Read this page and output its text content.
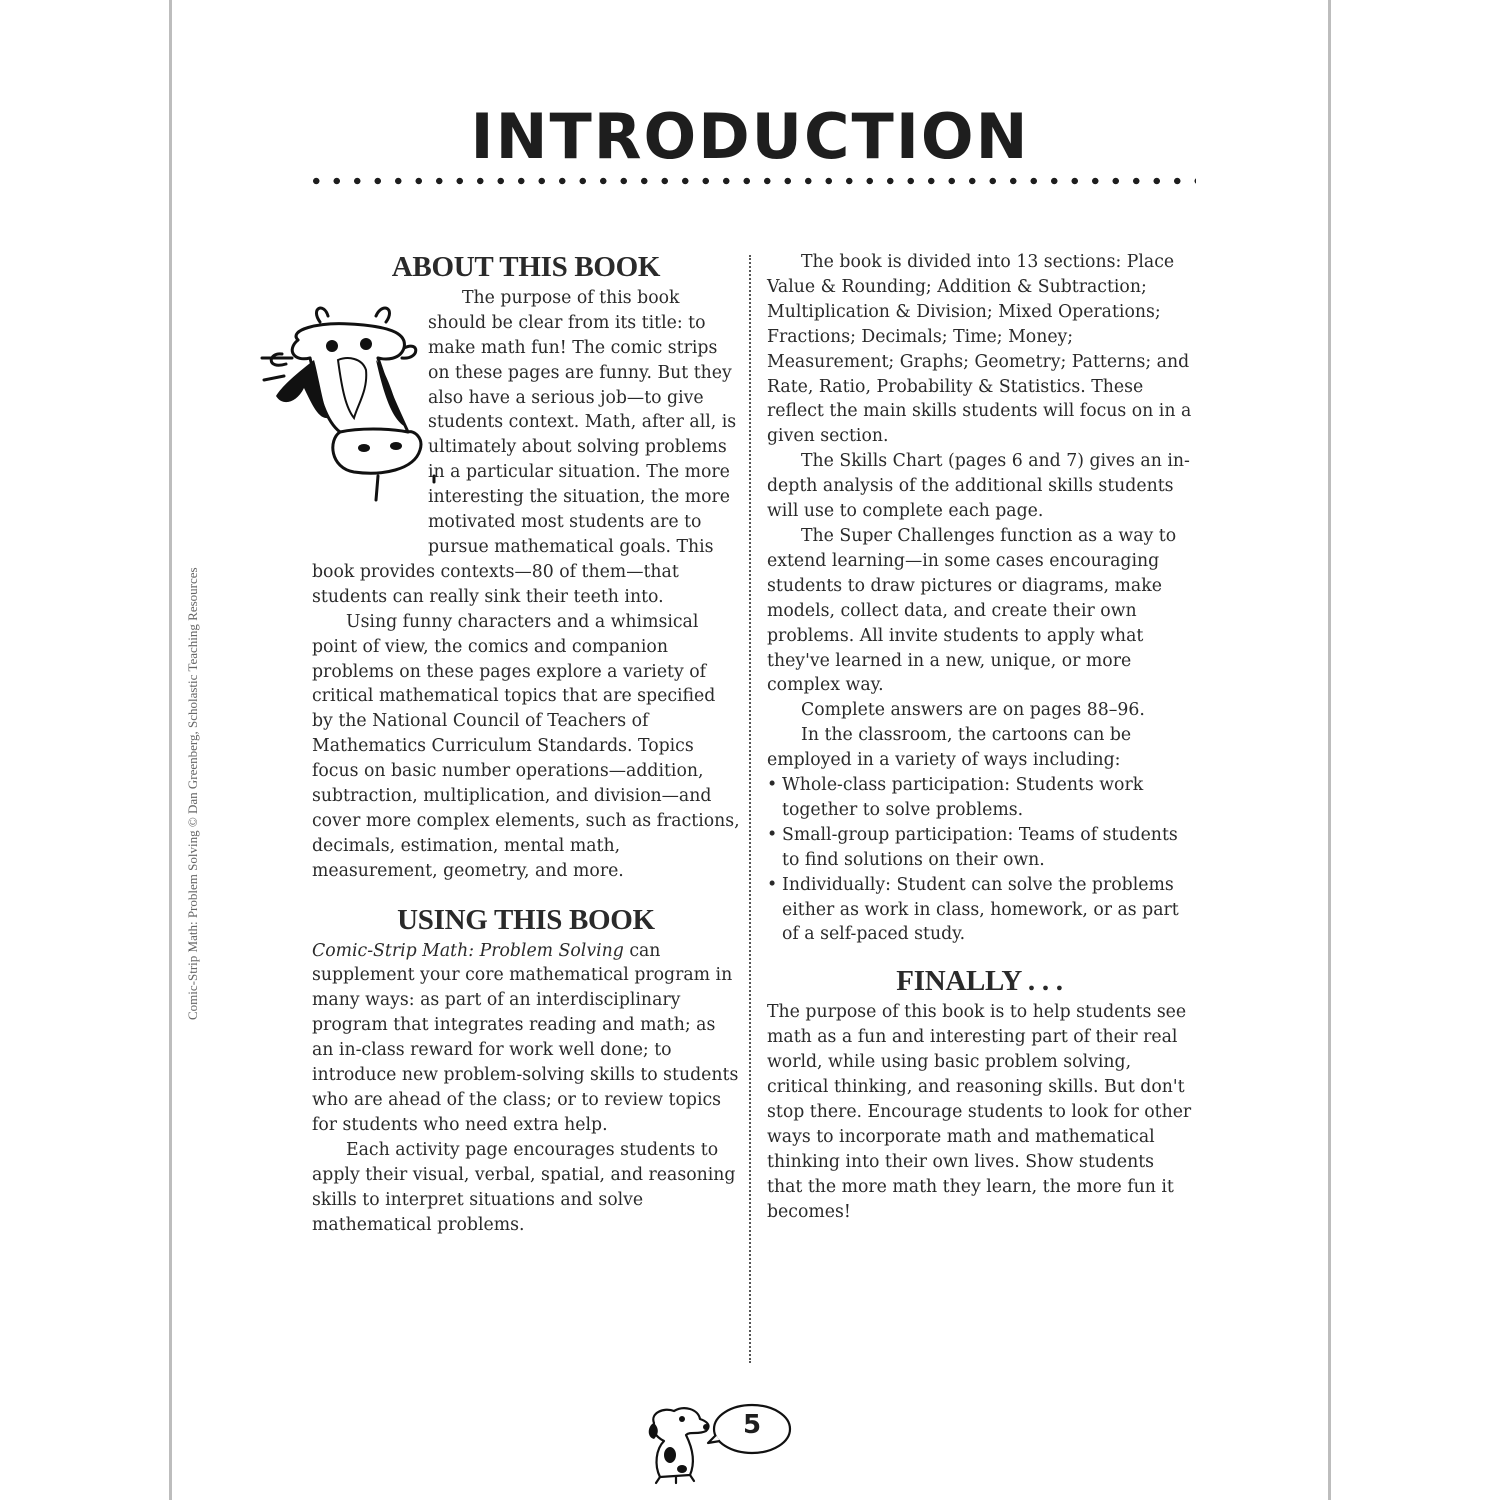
INTRODUCTION
Comic-Strip Math: Problem Solving © Dan Greenberg, Scholastic Teaching Resources
ABOUT THIS BOOK

The purpose of this book should be clear from its title: to make math fun! The comic strips on these pages are funny. But they also have a serious job—to give students context. Math, after all, is ultimately about solving problems in a particular situation. The more interesting the situation, the more motivated most students are to pursue mathematical goals. This book provides contexts—80 of them—that students can really sink their teeth into.

Using funny characters and a whimsical point of view, the comics and companion problems on these pages explore a variety of critical mathematical topics that are specified by the National Council of Teachers of Mathematics Curriculum Standards. Topics focus on basic number operations—addition, subtraction, multiplication, and division—and cover more complex elements, such as fractions, decimals, estimation, mental math, measurement, geometry, and more.

USING THIS BOOK

Comic-Strip Math: Problem Solving can supplement your core mathematical program in many ways: as part of an interdisciplinary program that integrates reading and math; as an in-class reward for work well done; to introduce new problem-solving skills to students who are ahead of the class; or to review topics for students who need extra help.

Each activity page encourages students to apply their visual, verbal, spatial, and reasoning skills to interpret situations and solve mathematical problems.

The book is divided into 13 sections: Place Value & Rounding; Addition & Subtraction; Multiplication & Division; Mixed Operations; Fractions; Decimals; Time; Money; Measurement; Graphs; Geometry; Patterns; and Rate, Ratio, Probability & Statistics. These reflect the main skills students will focus on in a given section.

The Skills Chart (pages 6 and 7) gives an in-depth analysis of the additional skills students will use to complete each page.

The Super Challenges function as a way to extend learning—in some cases encouraging students to draw pictures or diagrams, make models, collect data, and create their own problems. All invite students to apply what they've learned in a new, unique, or more complex way.

Complete answers are on pages 88–96.

In the classroom, the cartoons can be employed in a variety of ways including:

• Whole-class participation: Students work together to solve problems.
• Small-group participation: Teams of students to find solutions on their own.
• Individually: Student can solve the problems either as work in class, homework, or as part of a self-paced study.
FINALLY . . .

The purpose of this book is to help students see math as a fun and interesting part of their real world, while using basic problem solving, critical thinking, and reasoning skills. But don't stop there. Encourage students to look for other ways to incorporate math and mathematical thinking into their own lives. Show students that the more math they learn, the more fun it becomes!

5
